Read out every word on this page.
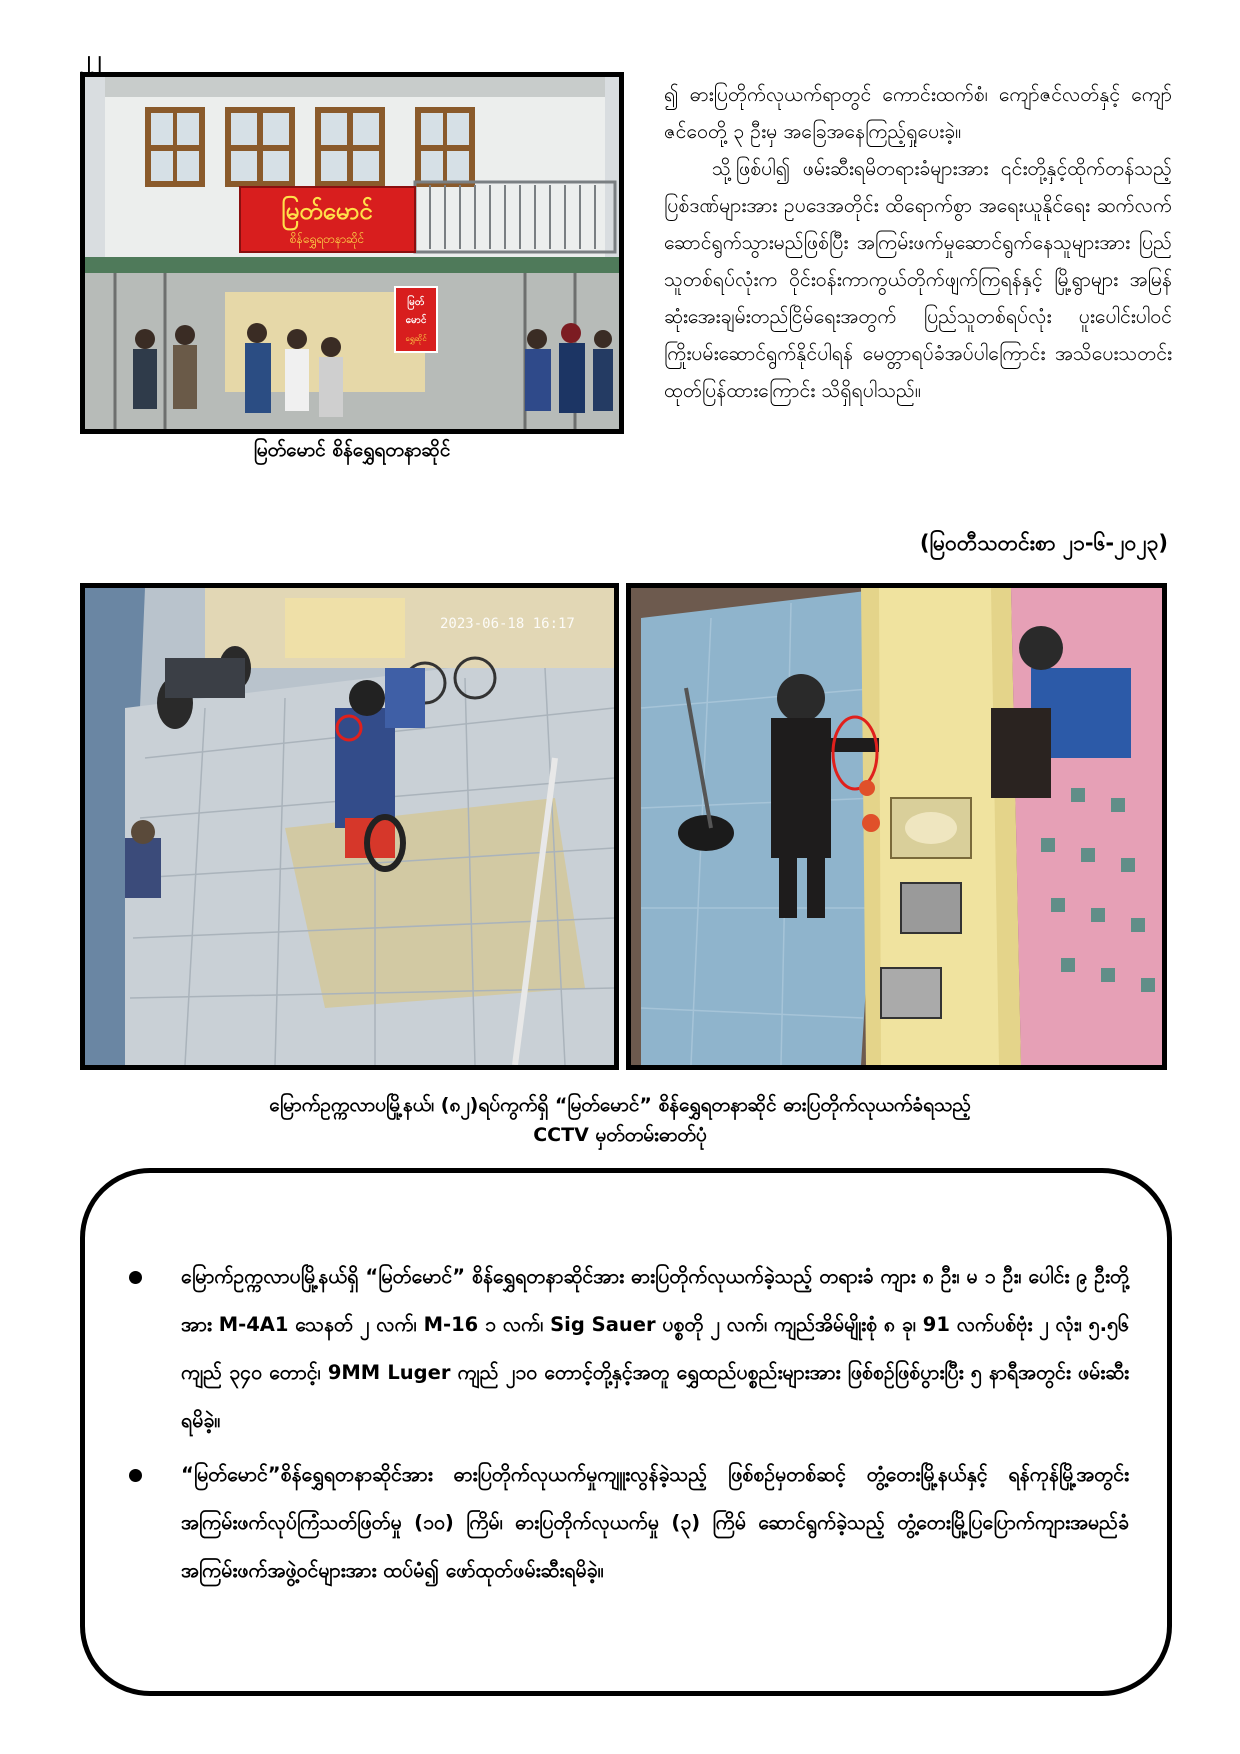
၂၂
မြတ်မောင်
စိန်ရွှေရတနာဆိုင်
မြတ်
မောင်
ရွှေဆိုင်
မြတ်မောင် စိန်ရွှေရတနာဆိုင်

၍ ဓားပြတိုက်လုယက်ရာတွင် ကောင်းထက်စံ၊ ကျော်ဇင်လတ်နှင့် ကျော်ဇင်ဝေတို့ ၃ ဦးမှ အခြေအနေကြည့်ရှုပေးခဲ့။

သို့ဖြစ်ပါ၍ ဖမ်းဆီးရမိတရားခံများအား ၎င်းတို့နှင့်ထိုက်တန်သည့် ပြစ်ဒဏ်များအား ဥပဒေအတိုင်း ထိရောက်စွာ အရေးယူနိုင်ရေး ဆက်လက်ဆောင်ရွက်သွားမည်ဖြစ်ပြီး အကြမ်းဖက်မှုဆောင်ရွက်နေသူများအား ပြည်သူတစ်ရပ်လုံးက ဝိုင်းဝန်းကာကွယ်တိုက်ဖျက်ကြရန်နှင့် မြို့ရွာများ အမြန်ဆုံးအေးချမ်းတည်ငြိမ်ရေးအတွက် ပြည်သူတစ်ရပ်လုံး ပူးပေါင်းပါဝင်ကြိုးပမ်းဆောင်ရွက်နိုင်ပါရန် မေတ္တာရပ်ခံအပ်ပါကြောင်း အသိပေးသတင်းထုတ်ပြန်ထားကြောင်း သိရှိရပါသည်။

(မြဝတီသတင်းစာ ၂၁-၆-၂၀၂၃)
2023-06-18 16:17
မြောက်ဥက္ကလာပမြို့နယ်၊ (၈၂)ရပ်ကွက်ရှိ “မြတ်မောင်” စိန်ရွှေရတနာဆိုင် ဓားပြတိုက်လုယက်ခံရသည့်
CCTV မှတ်တမ်းဓာတ်ပုံ
မြောက်ဥက္ကလာပမြို့နယ်ရှိ “မြတ်မောင်” စိန်ရွှေရတနာဆိုင်အား ဓားပြတိုက်လုယက်ခဲ့သည့် တရားခံ ကျား ၈ ဦး၊ မ ၁ ဦး၊ ပေါင်း ၉ ဦးတို့အား M-4A1 သေနတ် ၂ လက်၊ M-16 ၁ လက်၊ Sig Sauer ပစ္စတို ၂ လက်၊ ကျည်အိမ်မျိုးစုံ ၈ ခု၊ 91 လက်ပစ်ဗုံး ၂ လုံး၊ ၅.၅၆ ကျည် ၃၄၀ တောင့်၊ 9MM Luger ကျည် ၂၁၀ တောင့်တို့နှင့်အတူ ရွှေထည်ပစ္စည်းများအား ဖြစ်စဉ်ဖြစ်ပွားပြီး ၅ နာရီအတွင်း ဖမ်းဆီးရမိခဲ့။
“မြတ်မောင်”စိန်ရွှေရတနာဆိုင်အား ဓားပြတိုက်လုယက်မှုကျူးလွန်ခဲ့သည့် ဖြစ်စဉ်မှတစ်ဆင့် တွံ့တေးမြို့နယ်နှင့် ရန်ကုန်မြို့အတွင်း အကြမ်းဖက်လုပ်ကြံသတ်ဖြတ်မှု (၁၀) ကြိမ်၊ ဓားပြတိုက်လုယက်မှု (၃) ကြိမ် ဆောင်ရွက်ခဲ့သည့် တွံ့တေးမြို့ပြပြောက်ကျားအမည်ခံ အကြမ်းဖက်အဖွဲ့ဝင်များအား ထပ်မံ၍ ဖော်ထုတ်ဖမ်းဆီးရမိခဲ့။
